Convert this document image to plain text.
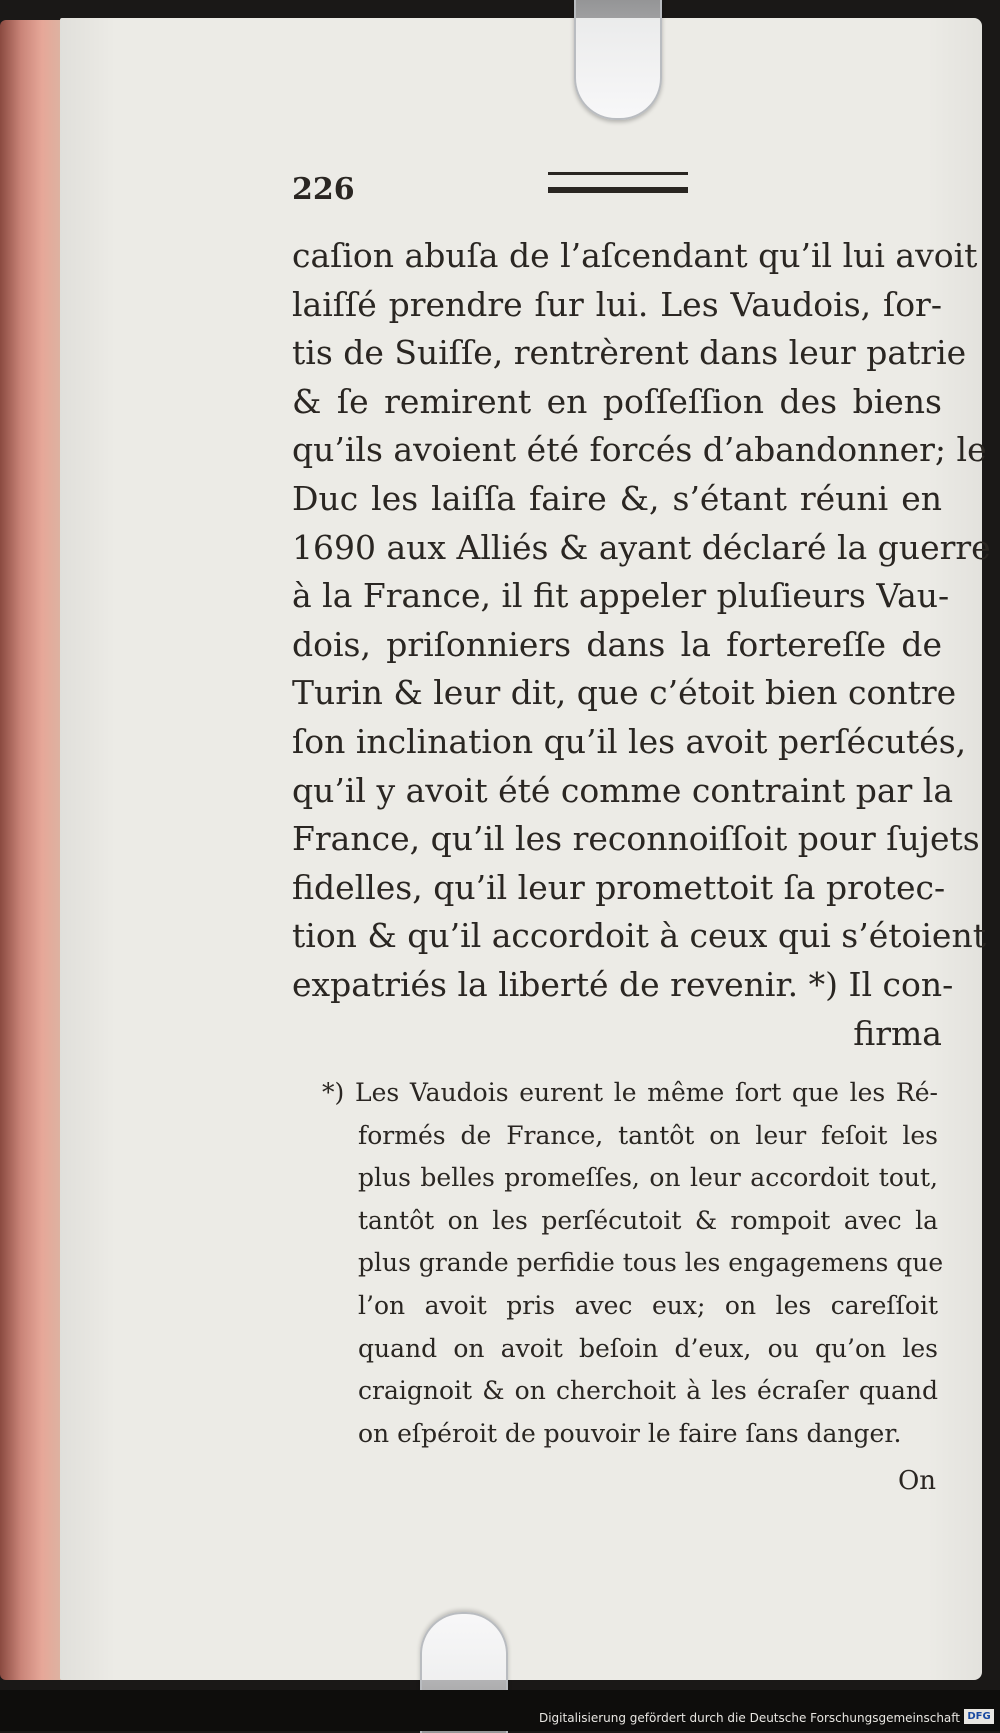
226
caſion abuſa de l’aſcendant qu’il lui avoit
laiſſé prendre ſur lui. Les Vaudois, ſor-
tis de Suiſſe, rentrèrent dans leur patrie
& ſe remirent en poſſeſſion des biens
qu’ils avoient été forcés d’abandonner; le
Duc les laiſſa faire &, s’étant réuni en
1690 aux Alliés & ayant déclaré la guerre
à la France, il fit appeler pluſieurs Vau-
dois, priſonniers dans la fortereſſe de
Turin & leur dit, que c’étoit bien contre
ſon inclination qu’il les avoit perſécutés,
qu’il y avoit été comme contraint par la
France, qu’il les reconnoiſſoit pour ſujets
fidelles, qu’il leur promettoit ſa protec-
tion & qu’il accordoit à ceux qui s’étoient
expatriés la liberté de revenir. *) Il con-
firma
*) Les Vaudois eurent le même ſort que les Ré-
formés de France, tantôt on leur feſoit les
plus belles promeſſes, on leur accordoit tout,
tantôt on les perſécutoit & rompoit avec la
plus grande perfidie tous les engagemens que
l’on avoit pris avec eux; on les careſſoit
quand on avoit beſoin d’eux, ou qu’on les
craignoit & on cherchoit à les écraſer quand
on eſpéroit de pouvoir le faire ſans danger.
On
Digitalisierung gefördert durch die Deutsche Forschungsgemeinschaft DFG
